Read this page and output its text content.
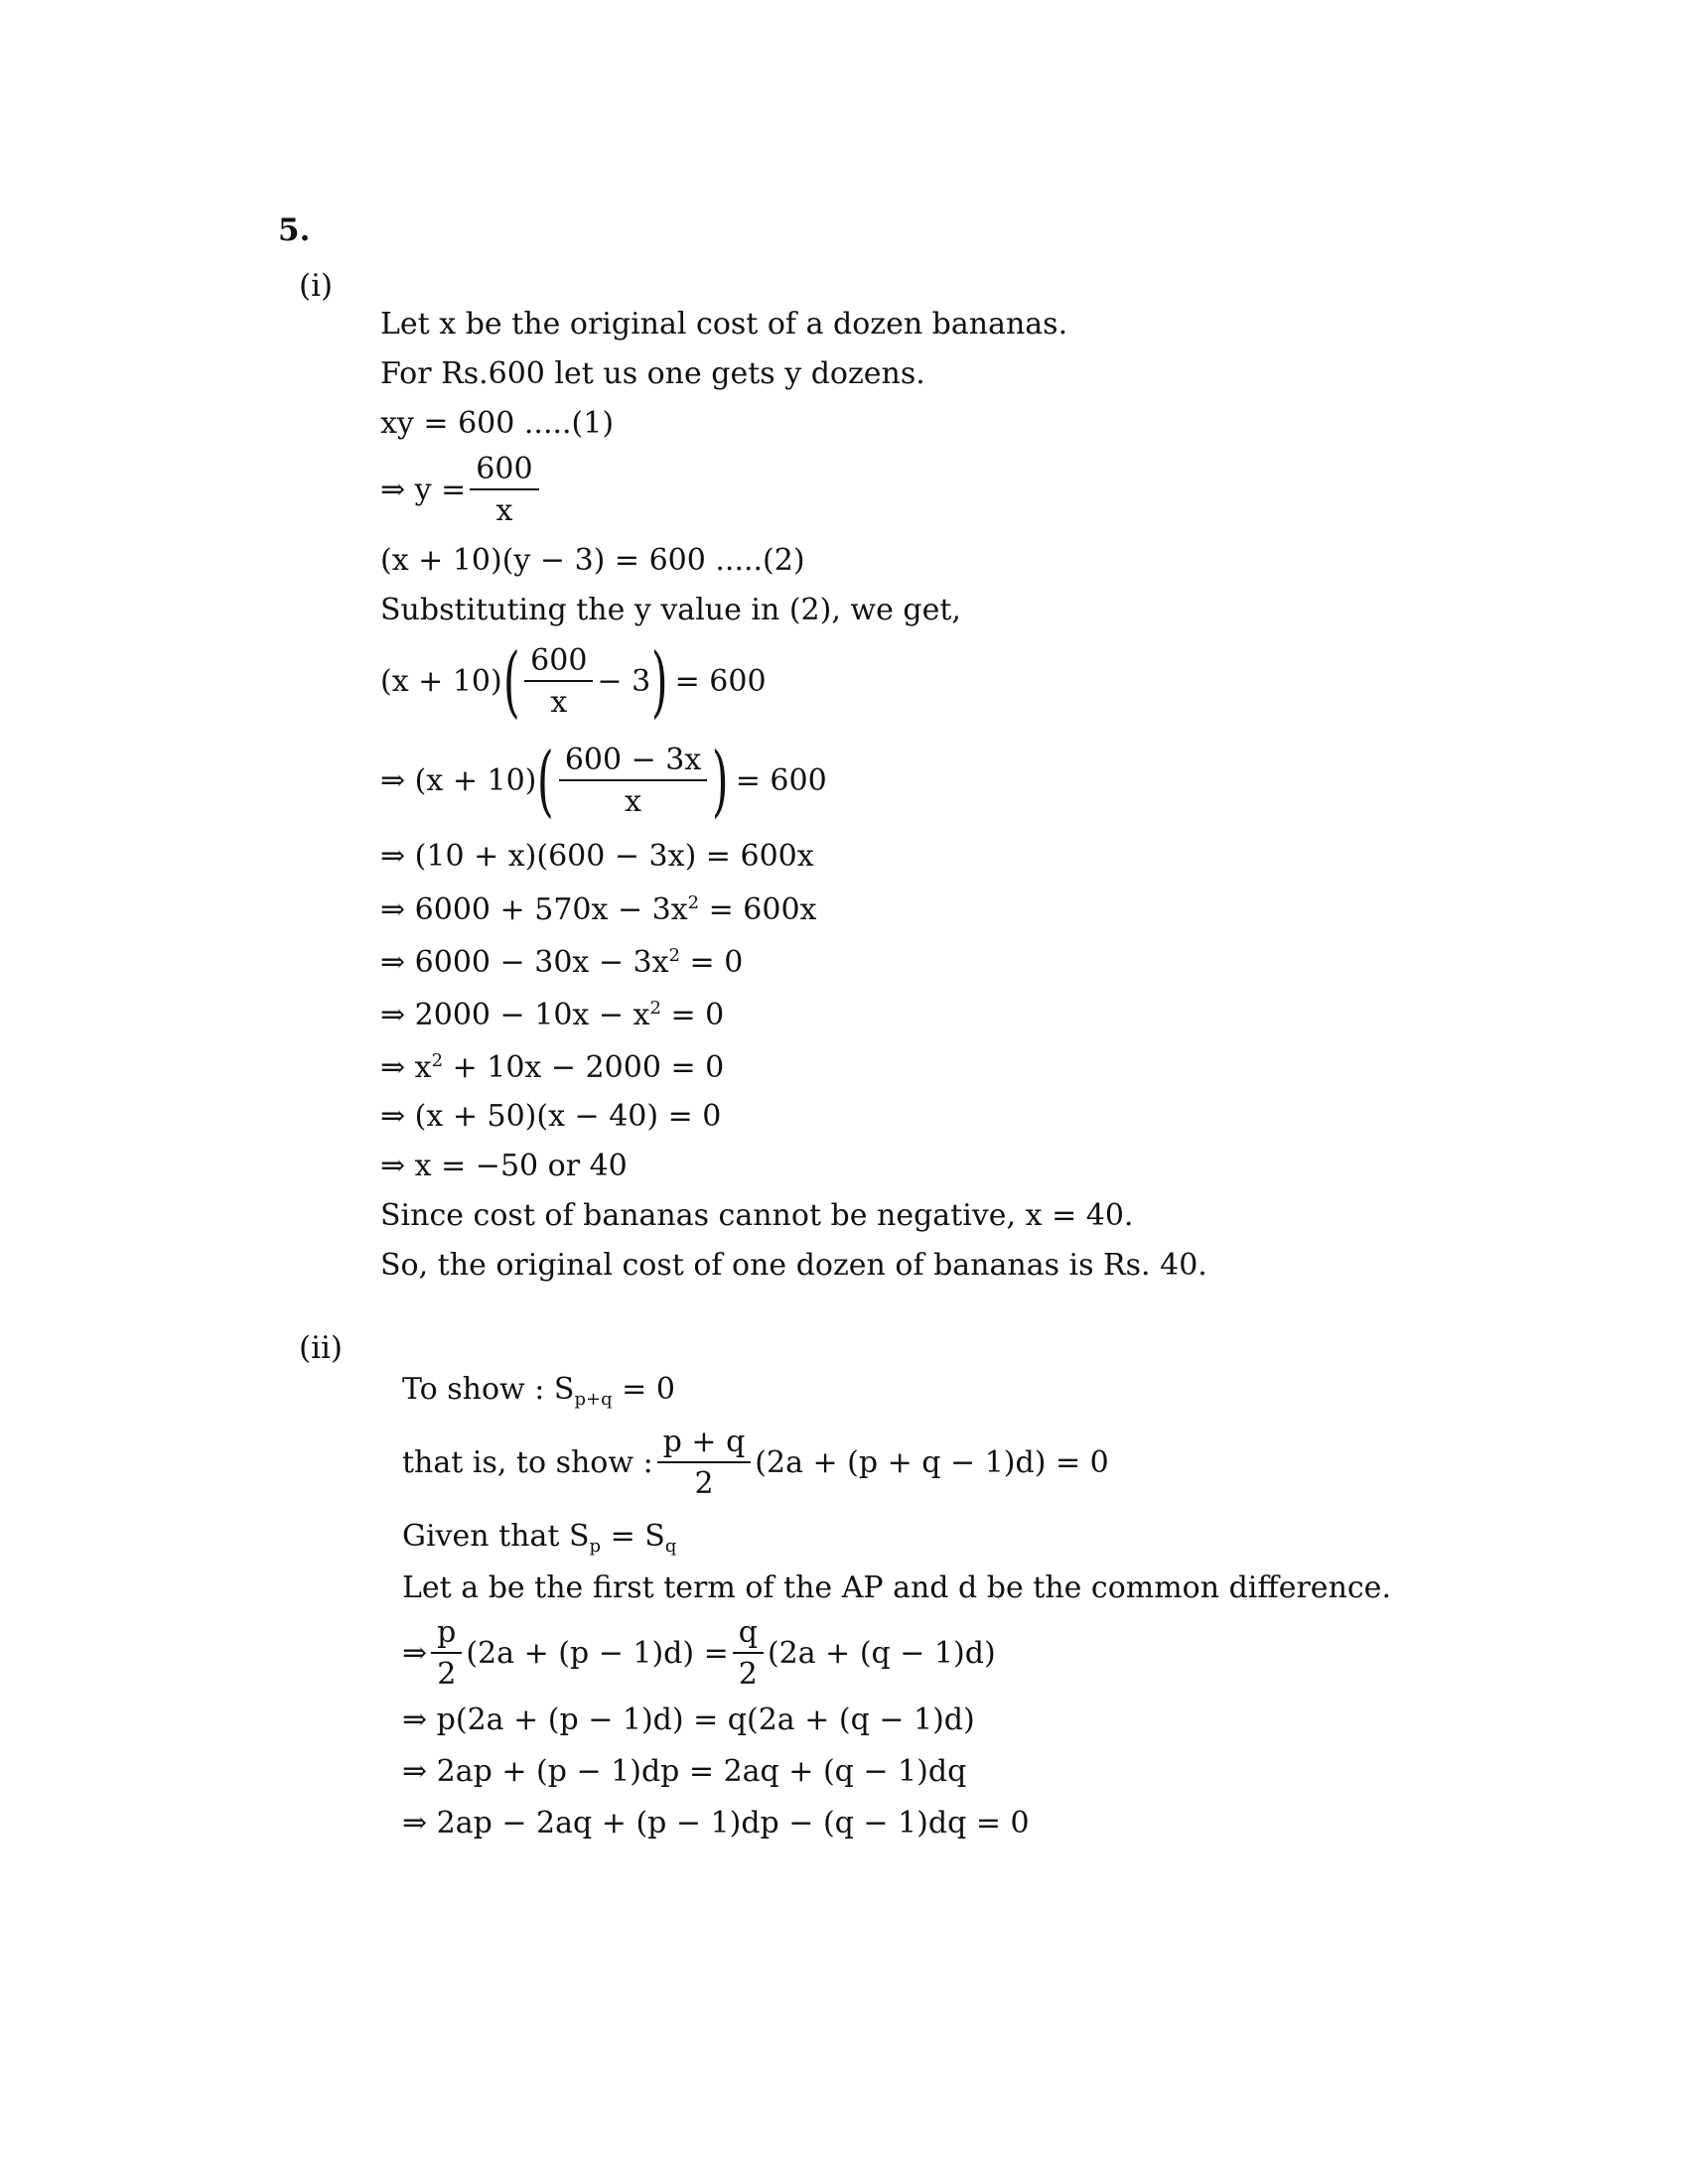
5.
(i)
Let x be the original cost of a dozen bananas.
For Rs.600 let us one gets y dozens.
xy = 600 .....(1)
⇒ $y = \frac{600}{x}$
(x + 10)(y − 3) = 600 .....(2)
Substituting the y value in (2), we get,
(x + 10) ( $\frac{600}{x} - 3$ ) = 600
⇒ (x + 10) ( $\frac{600 - 3x}{x}$ ) = 600
⇒ (10 + x)(600 − 3x) = 600x
⇒ $6000 + 570x - 3x^2 = 600x$
⇒ $6000 - 30x - 3x^2 = 0$
⇒ $2000 - 10x - x^2 = 0$
⇒ $x^2 + 10x - 2000 = 0$
⇒ (x + 50)(x − 40) = 0
⇒ x = −50 or 40
Since cost of bananas cannot be negative, x = 40.
So, the original cost of one dozen of bananas is Rs. 40.
(ii)
To show : $S_{p+q} = 0$
that is, to show : $\frac{p + q}{2} (2a + (p + q - 1)d) = 0$
Given that $S_p = S_q$
Let a be the first term of the AP and d be the common difference.
⇒ $\frac{p}{2} (2a + (p - 1)d) = \frac{q}{2} (2a + (q - 1)d)$
⇒ p(2a + (p − 1)d) = q(2a + (q − 1)d)
⇒ 2ap + (p − 1)dp = 2aq + (q − 1)dq
⇒ 2ap − 2aq + (p − 1)dp − (q − 1)dq = 0
